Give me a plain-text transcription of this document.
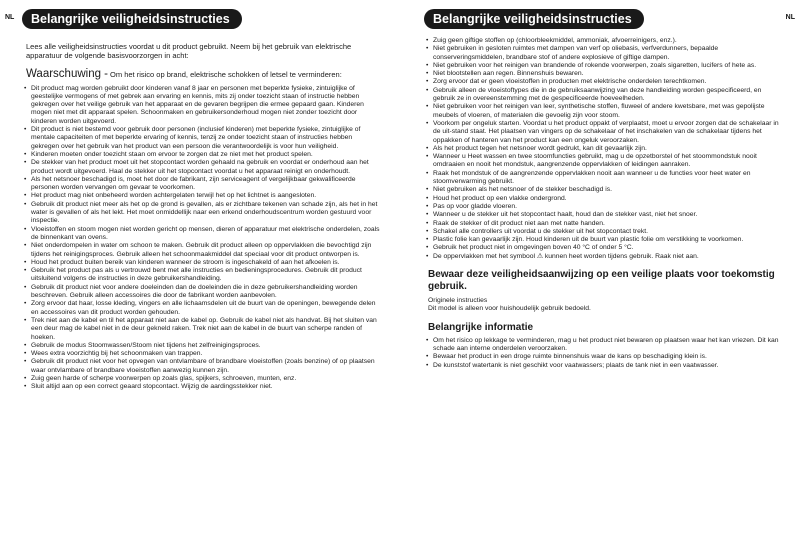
NL	NL
Belangrijke veiligheidsinstructies

Lees alle veiligheidsinstructies voordat u dit product gebruikt. Neem bij het gebruik van elektrische apparatuur de volgende basisvoorzorgen in acht:

Waarschuwing - Om het risico op brand, elektrische schokken of letsel te verminderen:
• Dit product mag worden gebruikt door kinderen vanaf 8 jaar en personen met beperkte fysieke, zintuiglijke of geestelijke vermogens of met gebrek aan ervaring en kennis, mits zij onder toezicht staan of instructie hebben gekregen over het veilige gebruik van het apparaat en de gevaren begrijpen die ermee gepaard gaan. Kinderen mogen niet met dit apparaat spelen. Schoonmaken en gebruikersonderhoud mogen niet zonder toezicht door kinderen worden uitgevoerd.
• Dit product is niet bestemd voor gebruik door personen (inclusief kinderen) met beperkte fysieke, zintuiglijke of mentale capaciteiten of met beperkte ervaring of kennis, tenzij ze onder toezicht staan of instructies hebben gekregen over het gebruik van het product van een persoon die verantwoordelijk is voor hun veiligheid.
• Kinderen moeten onder toezicht staan om ervoor te zorgen dat ze niet met het product spelen.
• De stekker van het product moet uit het stopcontact worden gehaald na gebruik en voordat er onderhoud aan het product wordt uitgevoerd. Haal de stekker uit het stopcontact voordat u het apparaat reinigt en onderhoudt.
• Als het netsnoer beschadigd is, moet het door de fabrikant, zijn serviceagent of vergelijkbaar gekwalificeerde personen worden vervangen om gevaar te voorkomen.
• Het product mag niet onbeheerd worden achtergelaten terwijl het op het lichtnet is aangesloten.
• Gebruik dit product niet meer als het op de grond is gevallen, als er zichtbare tekenen van schade zijn, als het in het water is gevallen of als het lekt. Het moet onmiddellijk naar een erkend onderhoudscentrum worden gestuurd voor inspectie.
• Vloeistoffen en stoom mogen niet worden gericht op mensen, dieren of apparatuur met elektrische onderdelen, zoals de binnenkant van ovens.
• Niet onderdompelen in water om schoon te maken. Gebruik dit product alleen op oppervlakken die bevochtigd zijn tijdens het reinigingsproces. Gebruik alleen het schoonmaakmiddel dat speciaal voor dit product ontworpen is.
• Houd het product buiten bereik van kinderen wanneer de stroom is ingeschakeld of aan het afkoelen is.
• Gebruik het product pas als u vertrouwd bent met alle instructies en bedieningsprocedures. Gebruik dit product uitsluitend volgens de instructies in deze gebruikershandleiding.
• Gebruik dit product niet voor andere doeleinden dan de doeleinden die in deze gebruikershandleiding worden beschreven. Gebruik alleen accessoires die door de fabrikant worden aanbevolen.
• Zorg ervoor dat haar, losse kleding, vingers en alle lichaamsdelen uit de buurt van de openingen, bewegende delen en accessoires van dit product worden gehouden.
• Trek niet aan de kabel en til het apparaat niet aan de kabel op. Gebruik de kabel niet als handvat. Bij het sluiten van een deur mag de kabel niet in de deur gekneld raken. Trek niet aan de kabel in de buurt van scherpe randen of hoeken.
• Gebruik de modus Stoomwassen/Stoom niet tijdens het zelfreinigingsproces.
• Wees extra voorzichtig bij het schoonmaken van trappen.
• Gebruik dit product niet voor het opvegen van ontvlambare of brandbare vloeistoffen (zoals benzine) of op plaatsen waar ontvlambare of brandbare vloeistoffen aanwezig kunnen zijn.
• Zuig geen harde of scherpe voorwerpen op zoals glas, spijkers, schroeven, munten, enz.
• Sluit altijd aan op een correct geaard stopcontact. Wijzig de aardingsstekker niet.
Belangrijke veiligheidsinstructies
• Zuig geen giftige stoffen op (chloorbleekmiddel, ammoniak, afvoerreinigers, enz.).
• Niet gebruiken in gesloten ruimtes met dampen van verf op oliebasis, verfverdunners, bepaalde conserveringsmiddelen, brandbare stof of andere explosieve of giftige dampen.
• Niet gebruiken voor het reinigen van brandende of rokende voorwerpen, zoals sigaretten, lucifers of hete as.
• Niet blootstellen aan regen. Binnenshuis bewaren.
• Zorg ervoor dat er geen vloeistoffen in producten met elektrische onderdelen terechtkomen.
• Gebruik alleen de vloeistoftypes die in de gebruiksaanwijzing van deze handleiding worden gespecificeerd, en gebruik ze in overeenstemming met de gespecificeerde hoeveelheden.
• Niet gebruiken voor het reinigen van leer, synthetische stoffen, fluweel of andere kwetsbare, met was gepolijste meubels of vloeren, of materialen die gevoelig zijn voor stoom.
• Voorkom per ongeluk starten. Voordat u het product oppakt of verplaatst, moet u ervoor zorgen dat de schakelaar in de uit-stand staat. Het plaatsen van vingers op de schakelaar of het inschakelen van de schakelaar tijdens het oppakken of hanteren van het product kan een ongeluk veroorzaken.
• Als het product tegen het netsnoer wordt gedrukt, kan dit gevaarlijk zijn.
• Wanneer u Heet wassen en twee stoomfuncties gebruikt, mag u de opzetborstel of het stoommondstuk nooit omdraaien en nooit het mondstuk, aangrenzende oppervlakken of leidingen aanraken.
• Raak het mondstuk of de aangrenzende oppervlakken nooit aan wanneer u de functies voor heet water en stoomverwarming gebruikt.
• Niet gebruiken als het netsnoer of de stekker beschadigd is.
• Houd het product op een vlakke ondergrond.
• Pas op voor gladde vloeren.
• Wanneer u de stekker uit het stopcontact haalt, houd dan de stekker vast, niet het snoer.
• Raak de stekker of dit product niet aan met natte handen.
• Schakel alle controllers uit voordat u de stekker uit het stopcontact trekt.
• Plastic folie kan gevaarlijk zijn. Houd kinderen uit de buurt van plastic folie om verstikking te voorkomen.
• Gebruik het product niet in omgevingen boven 40 °C of onder 5 °C.
• De oppervlakken met het symbool ⚠ kunnen heet worden tijdens gebruik. Raak niet aan.
Bewaar deze veiligheidsaanwijzing op een veilige plaats voor toekomstig gebruik.

Originele instructies

Dit model is alleen voor huishoudelijk gebruik bedoeld.

Belangrijke informatie
• Om het risico op lekkage te verminderen, mag u het product niet bewaren op plaatsen waar het kan vriezen. Dit kan schade aan interne onderdelen veroorzaken.
• Bewaar het product in een droge ruimte binnenshuis waar de kans op beschadiging klein is.
• De kunststof watertank is niet geschikt voor vaatwassers; plaats de tank niet in een vaatwasser.
